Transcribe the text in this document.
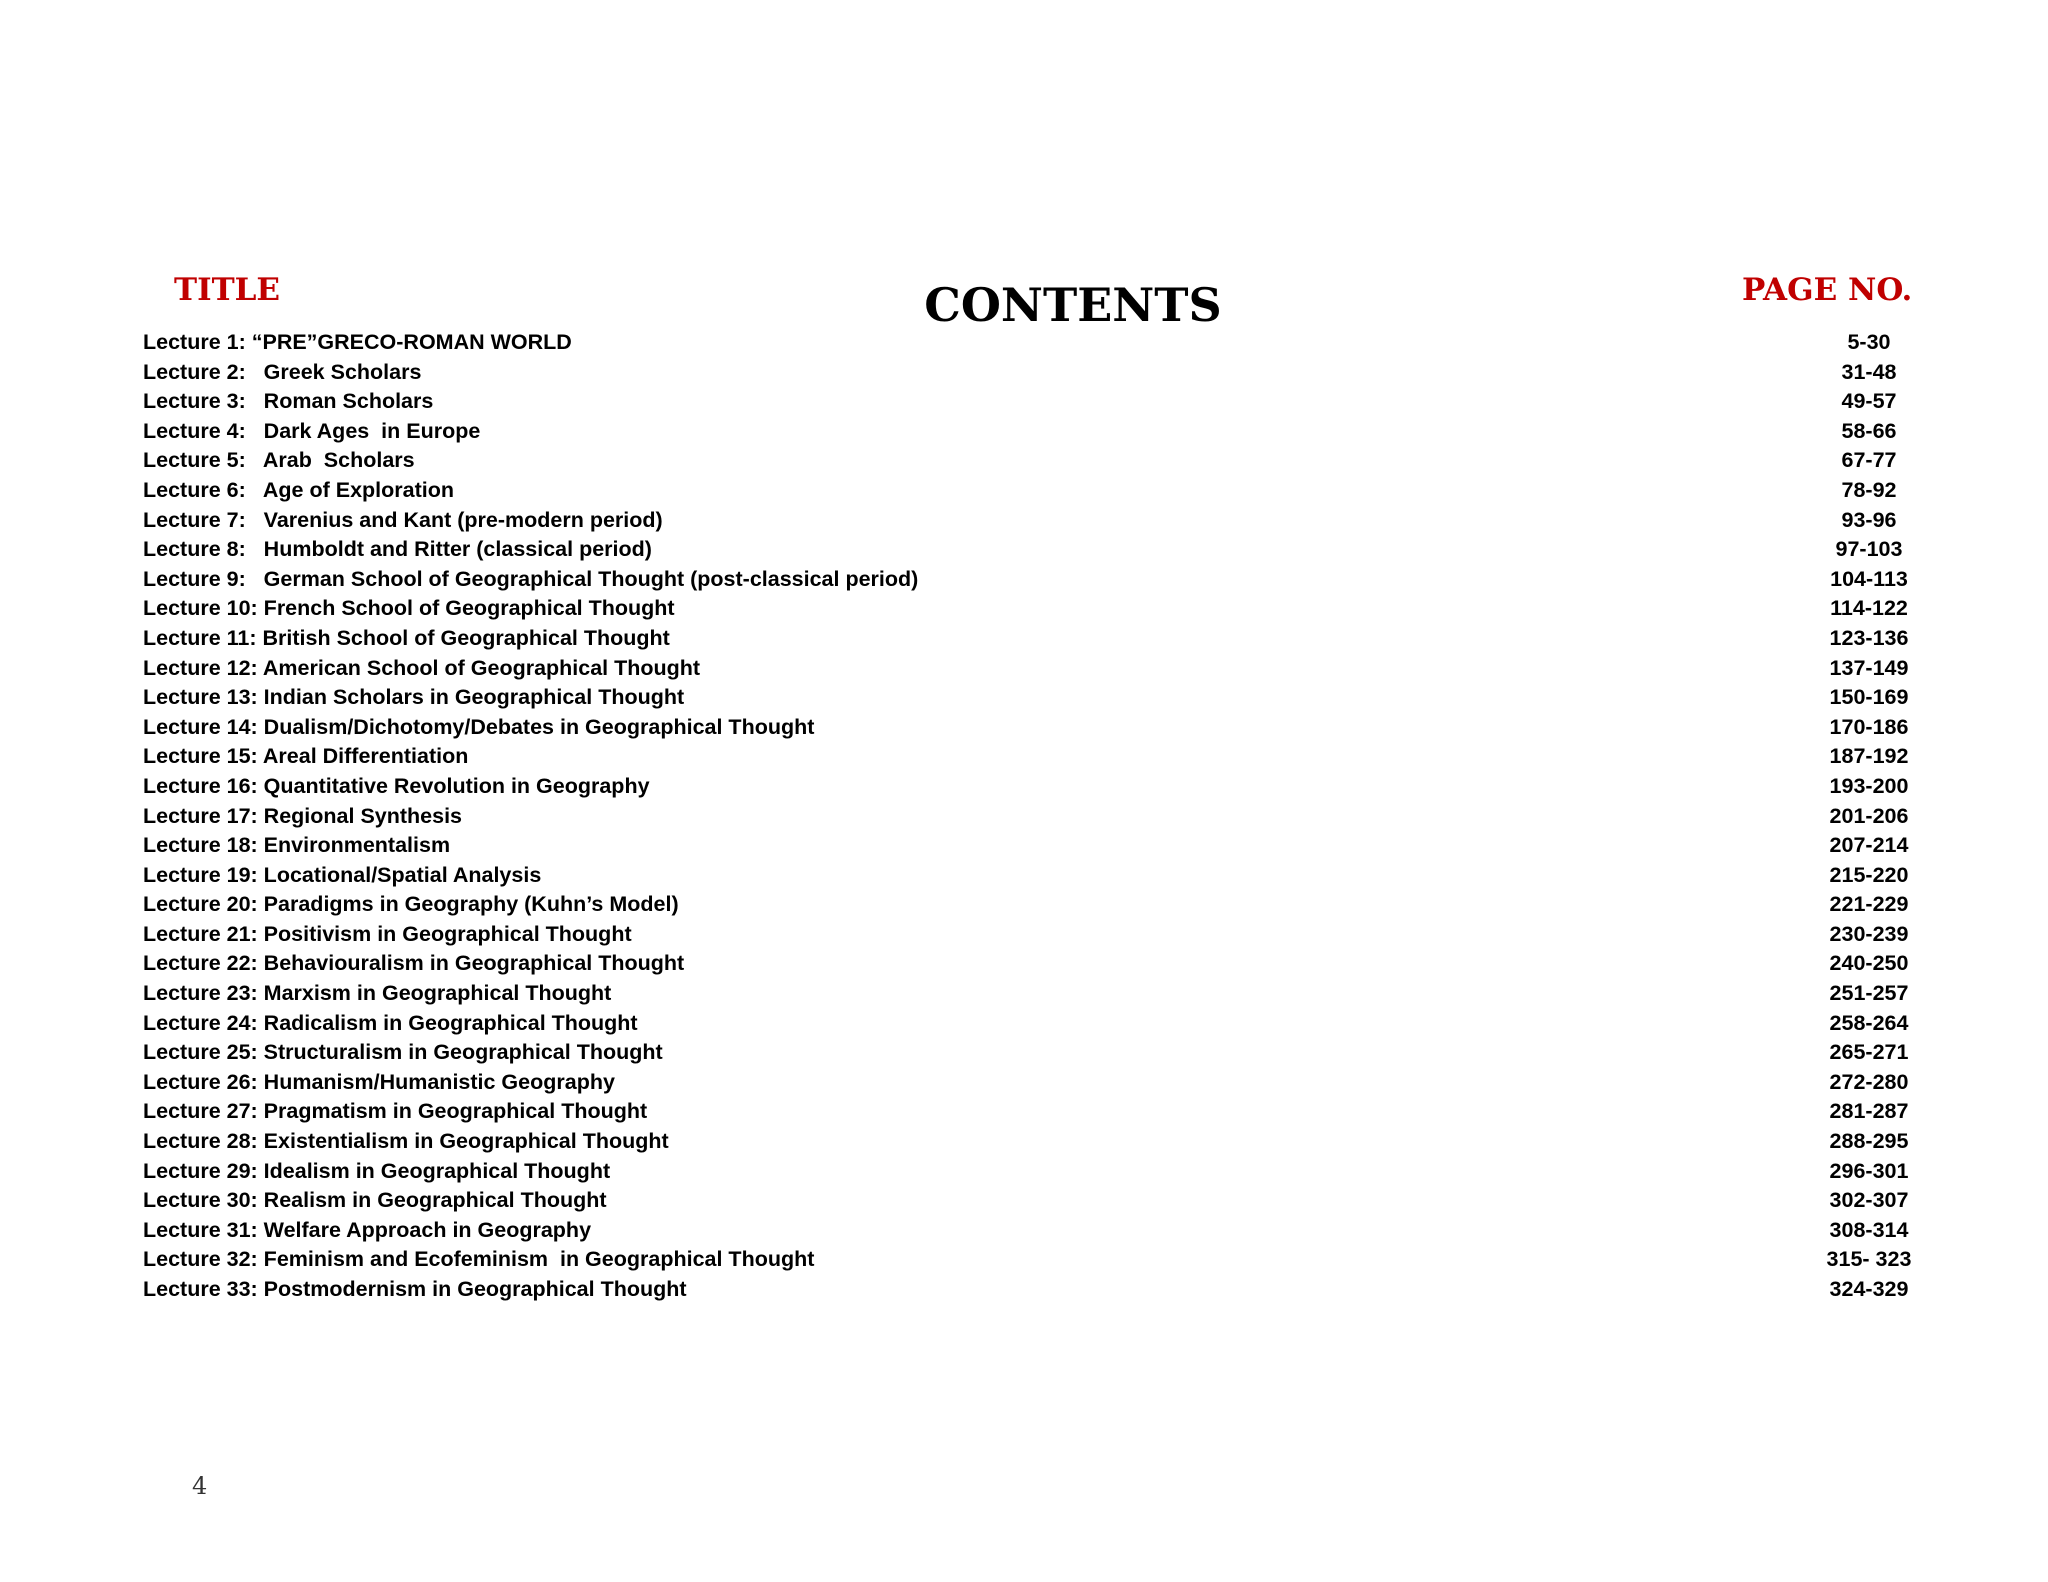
TITLE	CONTENTS	PAGE NO.
Lecture 1: “PRE”GRECO-ROMAN WORLD	5-30
Lecture 2:   Greek Scholars	31-48
Lecture 3:   Roman Scholars	49-57
Lecture 4:   Dark Ages  in Europe	58-66
Lecture 5:   Arab  Scholars	67-77
Lecture 6:   Age of Exploration	78-92
Lecture 7:   Varenius and Kant (pre-modern period)	93-96
Lecture 8:   Humboldt and Ritter (classical period)	97-103
Lecture 9:   German School of Geographical Thought (post-classical period)	104-113
Lecture 10: French School of Geographical Thought	114-122
Lecture 11: British School of Geographical Thought	123-136
Lecture 12: American School of Geographical Thought	137-149
Lecture 13: Indian Scholars in Geographical Thought	150-169
Lecture 14: Dualism/Dichotomy/Debates in Geographical Thought	170-186
Lecture 15: Areal Differentiation	187-192
Lecture 16: Quantitative Revolution in Geography	193-200
Lecture 17: Regional Synthesis	201-206
Lecture 18: Environmentalism	207-214
Lecture 19: Locational/Spatial Analysis	215-220
Lecture 20: Paradigms in Geography (Kuhn’s Model)	221-229
Lecture 21: Positivism in Geographical Thought	230-239
Lecture 22: Behaviouralism in Geographical Thought	240-250
Lecture 23: Marxism in Geographical Thought	251-257
Lecture 24: Radicalism in Geographical Thought	258-264
Lecture 25: Structuralism in Geographical Thought	265-271
Lecture 26: Humanism/Humanistic Geography	272-280
Lecture 27: Pragmatism in Geographical Thought	281-287
Lecture 28: Existentialism in Geographical Thought	288-295
Lecture 29: Idealism in Geographical Thought	296-301
Lecture 30: Realism in Geographical Thought	302-307
Lecture 31: Welfare Approach in Geography	308-314
Lecture 32: Feminism and Ecofeminism  in Geographical Thought	315- 323
Lecture 33: Postmodernism in Geographical Thought	324-329
4
